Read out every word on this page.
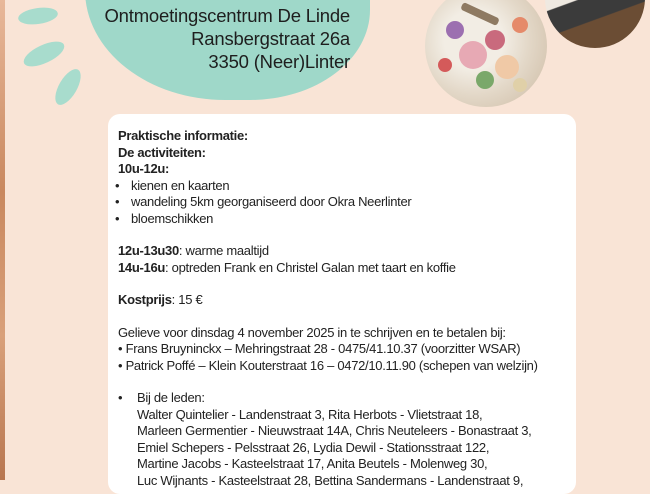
Ontmoetingscentrum De Linde
Ransbergstraat 26a
3350 (Neer)Linter
Praktische informatie:
De activiteiten:
10u-12u:
• kienen en kaarten
• wandeling 5km georganiseerd door Okra Neerlinter
• bloemschikken
12u-13u30: warme maaltijd
14u-16u: optreden Frank en Christel Galan met taart en koffie
Kostprijs: 15 €
Gelieve voor dinsdag 4 november 2025 in te schrijven en te betalen bij:
• Frans Bruyninckx – Mehringstraat 28 - 0475/41.10.37 (voorzitter WSAR)
• Patrick Poffé – Klein Kouterstraat 16 – 0472/10.11.90 (schepen van welzijn)
• Bij de leden:
Walter Quintelier - Landenstraat 3, Rita Herbots - Vlietstraat 18,
Marleen Germentier - Nieuwstraat 14A, Chris Neuteleers - Bonastraat 3,
Emiel Schepers - Pelsstraat 26, Lydia Dewil - Stationsstraat 122,
Martine Jacobs - Kasteelstraat 17, Anita Beutels - Molenweg 30,
Luc Wijnants - Kasteelstraat 28, Bettina Sandermans - Landenstraat 9,
